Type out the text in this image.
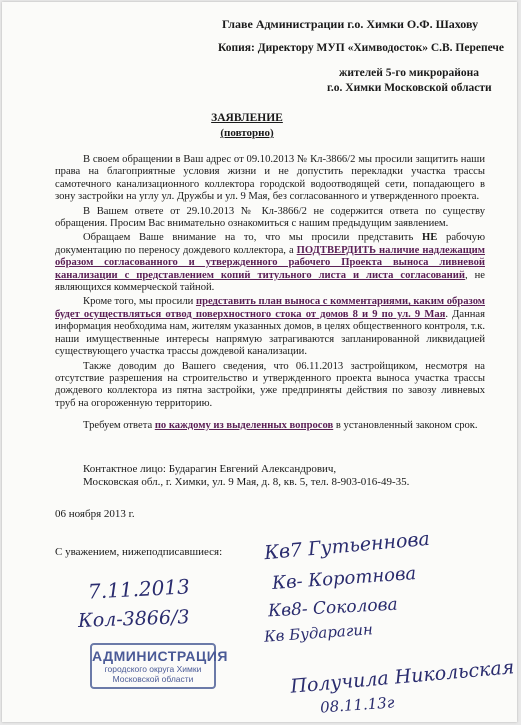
Главе Администрации г.о. Химки О.Ф. Шахову
Копия: Директору МУП «Химводосток» С.В. Перепече
жителей 5-го микрорайона
г.о. Химки Московской области
ЗАЯВЛЕНИЕ
(повторно)

В своем обращении в Ваш адрес от 09.10.2013 № Кл-3866/2 мы просили защитить наши права на благоприятные условия жизни и не допустить перекладки участка трассы самотечного канализационного коллектора городской водоотводящей сети, попадающего в зону застройки на углу ул. Дружбы и ул. 9 Мая, без согласованного и утвержденного проекта.

В Вашем ответе от 29.10.2013 № Кл-3866/2 не содержится ответа по существу обращения. Просим Вас внимательно ознакомиться с нашим предыдущим заявлением.

Обращаем Ваше внимание на то, что мы просили представить НЕ рабочую документацию по переносу дождевого коллектора, а ПОДТВЕРДИТЬ наличие надлежащим образом согласованного и утвержденного рабочего Проекта выноса ливневой канализации с представлением копий титульного листа и листа согласований, не являющихся коммерческой тайной.

Кроме того, мы просили представить план выноса с комментариями, каким образом будет осуществляться отвод поверхностного стока от домов 8 и 9 по ул. 9 Мая. Данная информация необходима нам, жителям указанных домов, в целях общественного контроля, т.к. наши имущественные интересы напрямую затрагиваются запланированной ликвидацией существующего участка трассы дождевой канализации.

Также доводим до Вашего сведения, что 06.11.2013 застройщиком, несмотря на отсутствие разрешения на строительство и утвержденного проекта выноса участка трассы дождевого коллектора из пятна застройки, уже предприняты действия по завозу ливневых труб на огороженную территорию.

Требуем ответа по каждому из выделенных вопросов в установленный законом срок.

Контактное лицо: Бударагин Евгений Александрович,
Московская обл., г. Химки, ул. 9 Мая, д. 8, кв. 5, тел. 8-903-016-49-35.
06 ноября 2013 г.
С уважением, нижеподписавшиеся: Кв7 Гутьеннова
Кв- Коротнова
Кв8- Соколова
Кв Бударагин
Получила Никольская
08.11.13г
7.11.2013
Кол-3866/3
АДМИНИСТРАЦИЯ
городского округа Химки
Московской области
